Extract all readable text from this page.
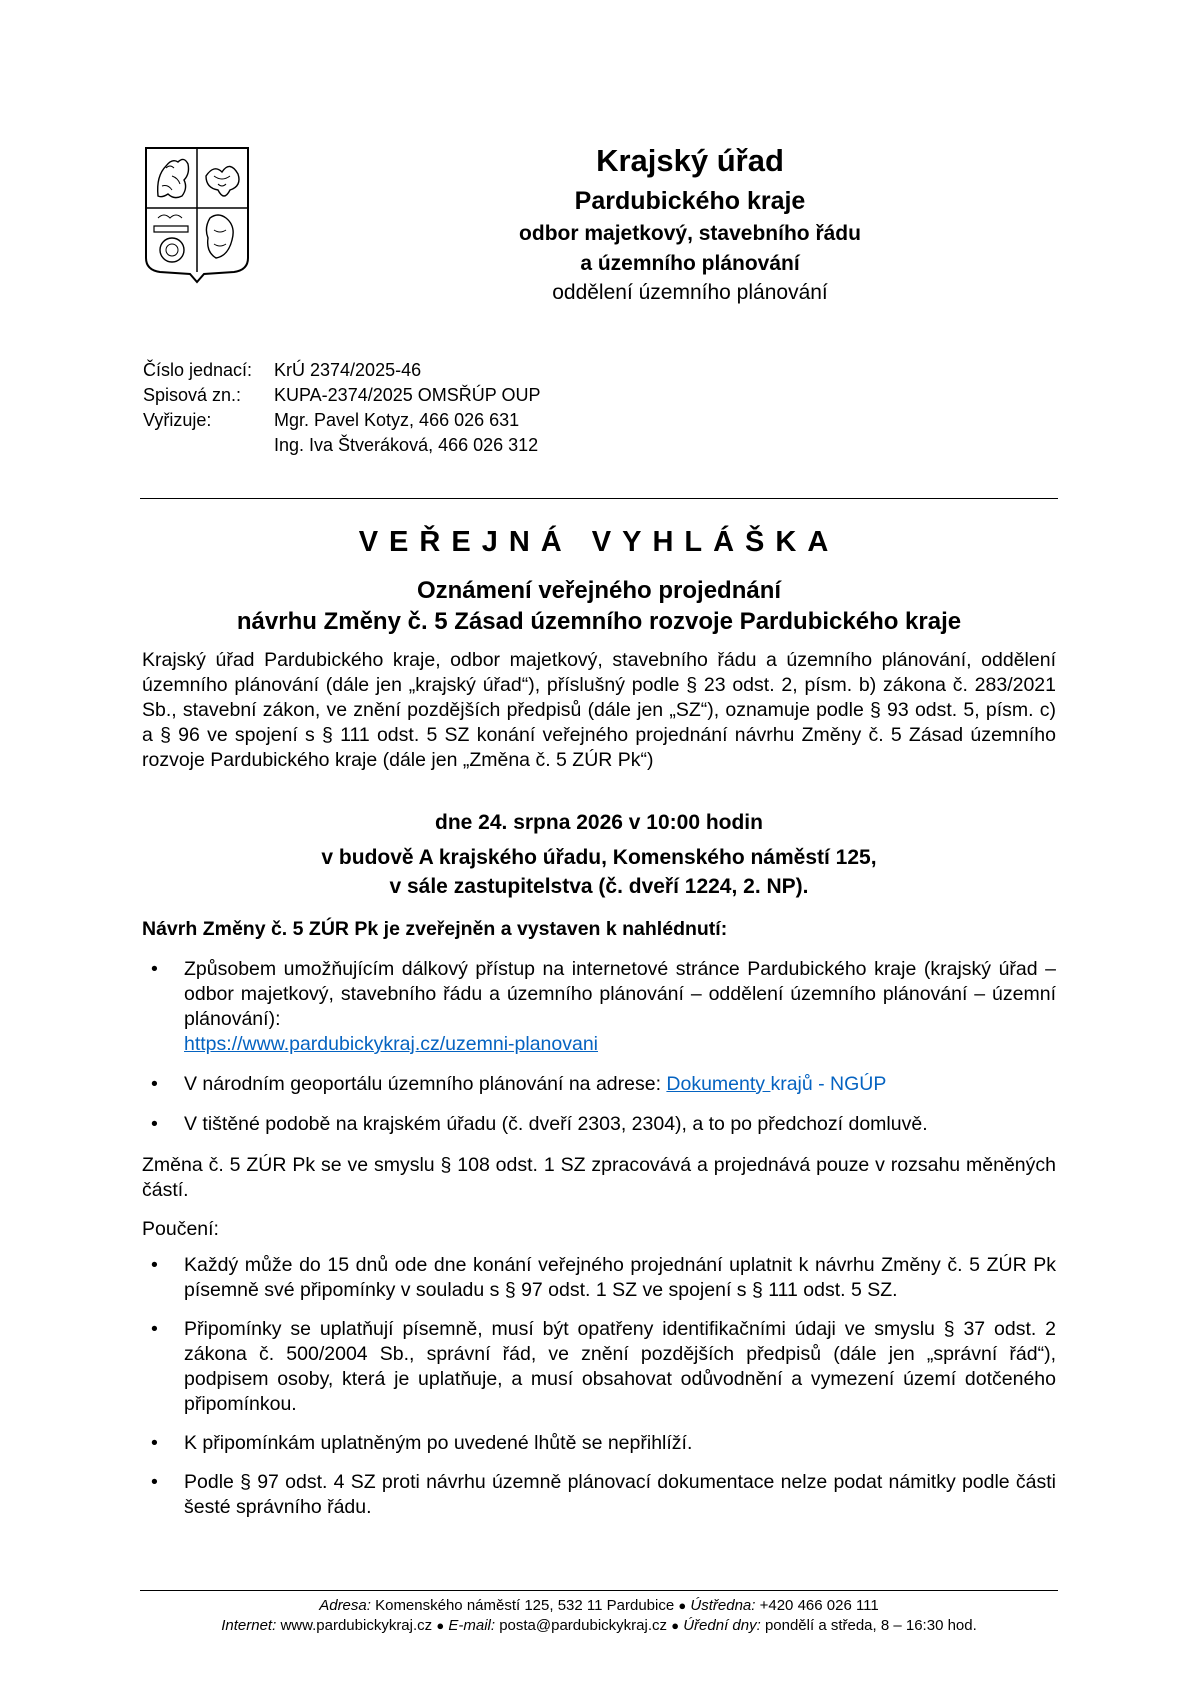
Krajský úřad
Pardubického kraje
odbor majetkový, stavebního řádu
a územního plánování
oddělení územního plánování
Číslo jednací:	KrÚ 2374/2025-46
Spisová zn.:	KUPA-2374/2025 OMSŘÚP OUP
Vyřizuje:	Mgr. Pavel Kotyz, 466 026 631
Ing. Iva Štveráková, 466 026 312
VEŘEJNÁ VYHLÁŠKA
Oznámení veřejného projednání
návrhu Změny č. 5 Zásad územního rozvoje Pardubického kraje
Krajský úřad Pardubického kraje, odbor majetkový, stavebního řádu a územního plánování, oddělení územního plánování (dále jen „krajský úřad“), příslušný podle § 23 odst. 2, písm. b) zákona č. 283/2021 Sb., stavební zákon, ve znění pozdějších předpisů (dále jen „SZ“), oznamuje podle § 93 odst. 5, písm. c) a § 96 ve spojení s § 111 odst. 5 SZ konání veřejného projednání návrhu Změny č. 5 Zásad územního rozvoje Pardubického kraje (dále jen „Změna č. 5 ZÚR Pk“)
dne 24. srpna 2026 v 10:00 hodin
v budově A krajského úřadu, Komenského náměstí 125,
v sále zastupitelstva (č. dveří 1224, 2. NP).
Návrh Změny č. 5 ZÚR Pk je zveřejněn a vystaven k nahlédnutí:
• Způsobem umožňujícím dálkový přístup na internetové stránce Pardubického kraje (krajský úřad – odbor majetkový, stavebního řádu a územního plánování – oddělení územního plánování – územní plánování):
https://www.pardubickykraj.cz/uzemni-planovani
• V národním geoportálu územního plánování na adrese: Dokumenty krajů - NGÚP
• V tištěné podobě na krajském úřadu (č. dveří 2303, 2304), a to po předchozí domluvě.
Změna č. 5 ZÚR Pk se ve smyslu § 108 odst. 1 SZ zpracovává a projednává pouze v rozsahu měněných částí.
Poučení:
• Každý může do 15 dnů ode dne konání veřejného projednání uplatnit k návrhu Změny č. 5 ZÚR Pk písemně své připomínky v souladu s § 97 odst. 1 SZ ve spojení s § 111 odst. 5 SZ.
• Připomínky se uplatňují písemně, musí být opatřeny identifikačními údaji ve smyslu § 37 odst. 2 zákona č. 500/2004 Sb., správní řád, ve znění pozdějších předpisů (dále jen „správní řád“), podpisem osoby, která je uplatňuje, a musí obsahovat odůvodnění a vymezení území dotčeného připomínkou.
• K připomínkám uplatněným po uvedené lhůtě se nepřihlíží.
• Podle § 97 odst. 4 SZ proti návrhu územně plánovací dokumentace nelze podat námitky podle části šesté správního řádu.
Adresa: Komenského náměstí 125, 532 11 Pardubice ● Ústředna: +420 466 026 111
Internet: www.pardubickykraj.cz ● E-mail: posta@pardubickykraj.cz ● Úřední dny: pondělí a středa, 8 – 16:30 hod.
